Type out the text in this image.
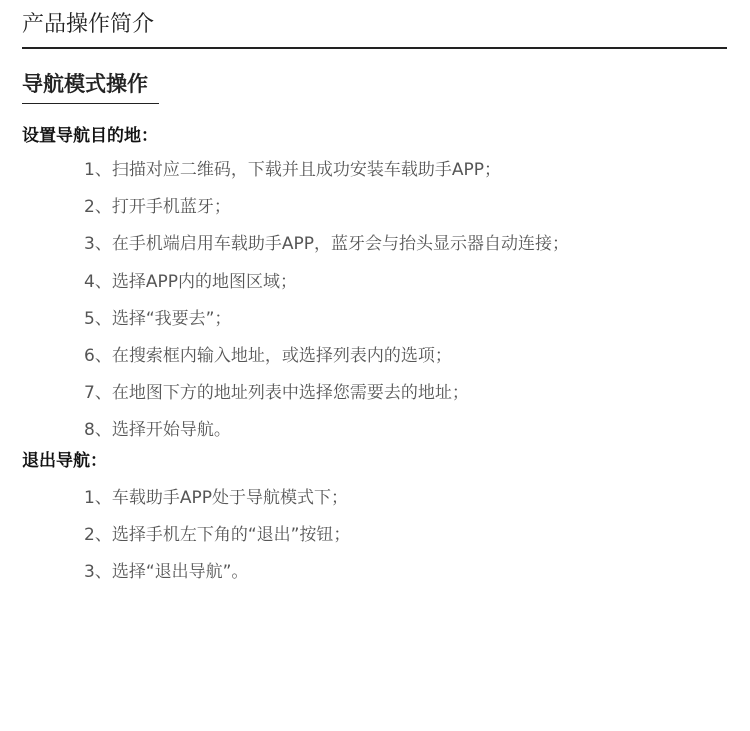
产品操作简介
导航模式操作
设置导航目的地：
1、扫描对应二维码，下载并且成功安装车载助手APP；
2、打开手机蓝牙；
3、在手机端启用车载助手APP，蓝牙会与抬头显示器自动连接；
4、选择APP内的地图区域；
5、选择“我要去”；
6、在搜索框内输入地址，或选择列表内的选项；
7、在地图下方的地址列表中选择您需要去的地址；
8、选择开始导航。
退出导航：
1、车载助手APP处于导航模式下；
2、选择手机左下角的“退出”按钮；
3、选择“退出导航”。
